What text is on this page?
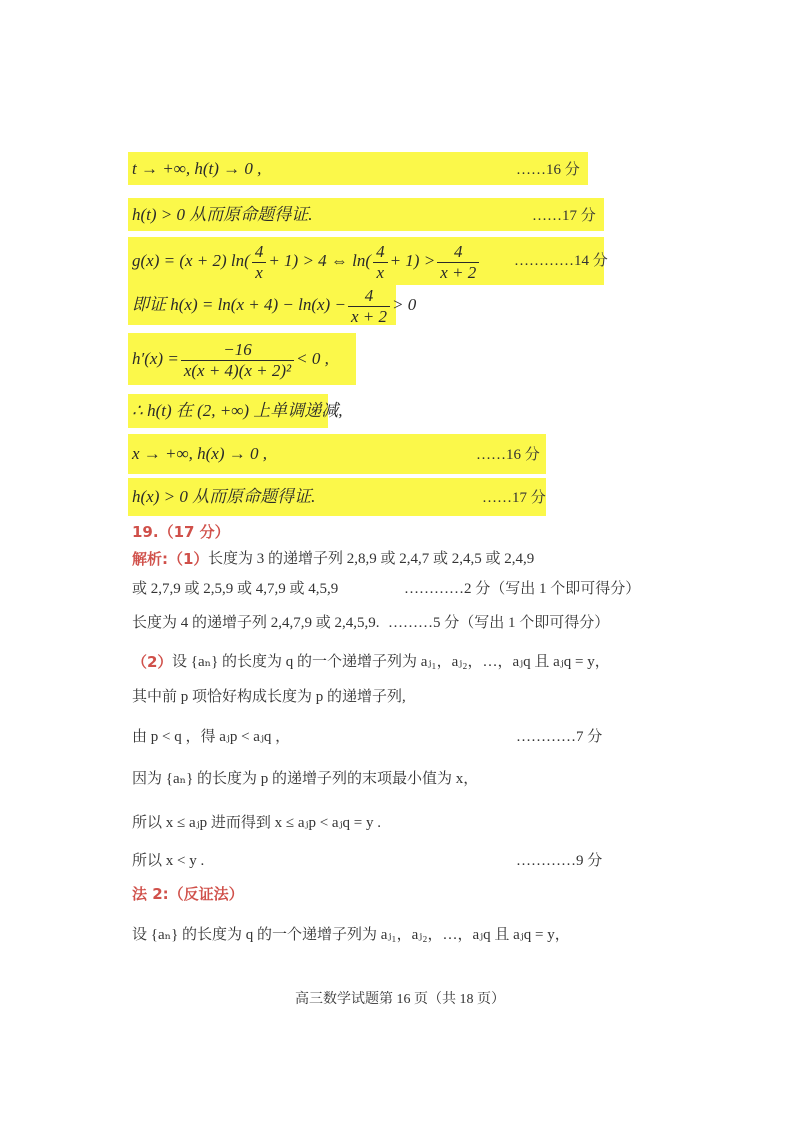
t → +∞, h(t) → 0 ,	……16 分
h(t) > 0 从而原命题得证.	……17 分
g(x) = (x + 2) $\ln( \frac{4}{x} + 1) > 4$ ⇔ $\ln( \frac{4}{x} + 1) > \frac{4}{x + 2}$ …………14 分
即证 $h(x) = \ln(x + 4) - \ln(x) - \frac{4}{x + 2} > 0$
$h'(x) = \frac{-16}{\text{x(x + 4)(x + 2)²}} < 0$ ,
∴ h(t) 在 (2, +∞) 上单调递减,
x → +∞, h(x) → 0 ,	……16 分
h(x) > 0 从而原命题得证.	……17 分
19.（17 分）
解析:（1） 长度为 3 的递增子列 2,8,9 或 2,4,7 或 2,4,5 或 2,4,9
或 2,7,9 或 2,5,9 或 4,7,9 或 4,5,9	…………2 分（写出 1 个即可得分）
长度为 4 的递增子列 2,4,7,9 或 2,4,5,9. ………5 分（写出 1 个即可得分）
（2） 设 {aₙ} 的长度为 q 的一个递增子列为 aⱼ₁，aⱼ₂，…，aⱼq 且 aⱼq = y，
其中前 p 项恰好构成长度为 p 的递增子列,
由 p < q ，得 aⱼp < aⱼq ，	…………7 分
因为 {aₙ} 的长度为 p 的递增子列的末项最小值为 x，
所以 x ≤ aⱼp 进而得到 x ≤ aⱼp < aⱼq = y .
所以 x < y .	…………9 分
法 2:（反证法）
设 {aₙ} 的长度为 q 的一个递增子列为 aⱼ₁，aⱼ₂，…，aⱼq 且 aⱼq = y，
高三数学试题第 16 页（共 18 页）
